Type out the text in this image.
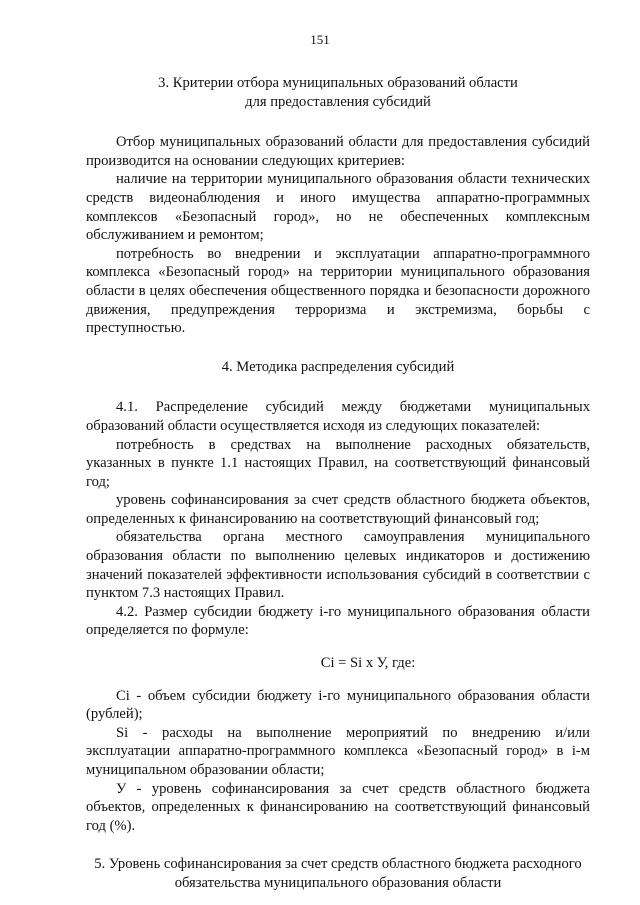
151

3. Критерии отбора муниципальных образований области
для предоставления субсидий

Отбор муниципальных образований области для предоставления субсидий производится на основании следующих критериев:

наличие на территории муниципального образования области технических средств видеонаблюдения и иного имущества аппаратно-программных комплексов «Безопасный город», но не обеспеченных комплексным обслуживанием и ремонтом;

потребность во внедрении и эксплуатации аппаратно-программного комплекса «Безопасный город» на территории муниципального образования области в целях обеспечения общественного порядка и безопасности дорожного движения, предупреждения терроризма и экстремизма, борьбы с преступностью.

4. Методика распределения субсидий

4.1. Распределение субсидий между бюджетами муниципальных образований области осуществляется исходя из следующих показателей:

потребность в средствах на выполнение расходных обязательств, указанных в пункте 1.1 настоящих Правил, на соответствующий финансовый год;

уровень софинансирования за счет средств областного бюджета объектов, определенных к финансированию на соответствующий финансовый год;

обязательства органа местного самоуправления муниципального образования области по выполнению целевых индикаторов и достижению значений показателей эффективности использования субсидий в соответствии с пунктом 7.3 настоящих Правил.

4.2. Размер субсидии бюджету i-го муниципального образования области определяется по формуле:

Ci = Si x У, где:

Ci - объем субсидии бюджету i-го муниципального образования области (рублей);

Si - расходы на выполнение мероприятий по внедрению и/или эксплуатации аппаратно-программного комплекса «Безопасный город» в i-м муниципальном образовании области;

У - уровень софинансирования за счет средств областного бюджета объектов, определенных к финансированию на соответствующий финансовый год (%).

5. Уровень софинансирования за счет средств областного бюджета расходного обязательства муниципального образования области
